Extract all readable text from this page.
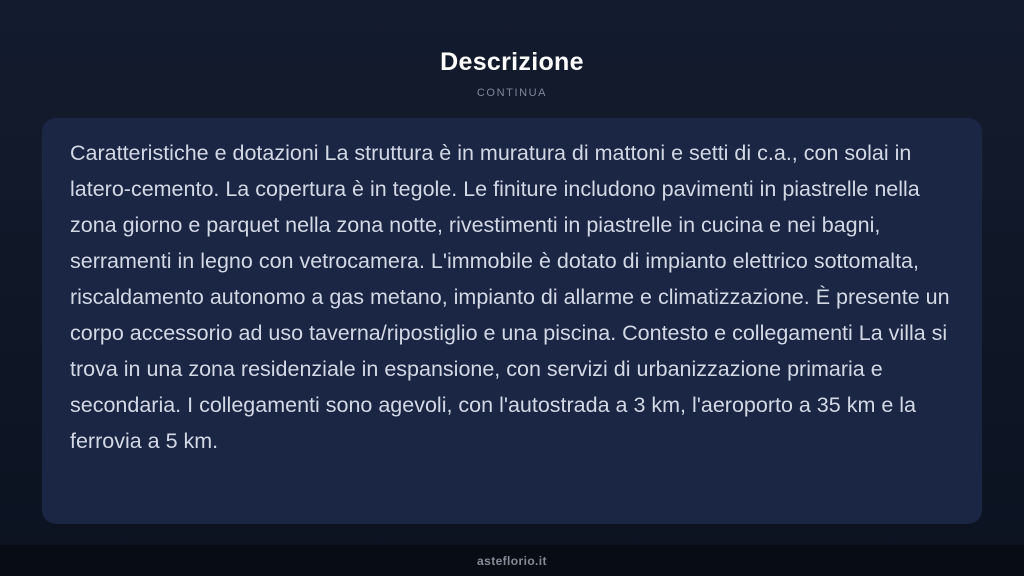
Descrizione
CONTINUA

Caratteristiche e dotazioni La struttura è in muratura di mattoni e setti di c.a., con solai in latero-cemento. La copertura è in tegole. Le finiture includono pavimenti in piastrelle nella zona giorno e parquet nella zona notte, rivestimenti in piastrelle in cucina e nei bagni, serramenti in legno con vetrocamera. L'immobile è dotato di impianto elettrico sottomalta, riscaldamento autonomo a gas metano, impianto di allarme e climatizzazione. È presente un corpo accessorio ad uso taverna/ripostiglio e una piscina. Contesto e collegamenti La villa si trova in una zona residenziale in espansione, con servizi di urbanizzazione primaria e secondaria. I collegamenti sono agevoli, con l'autostrada a 3 km, l'aeroporto a 35 km e la ferrovia a 5 km.

asteflorio.it
